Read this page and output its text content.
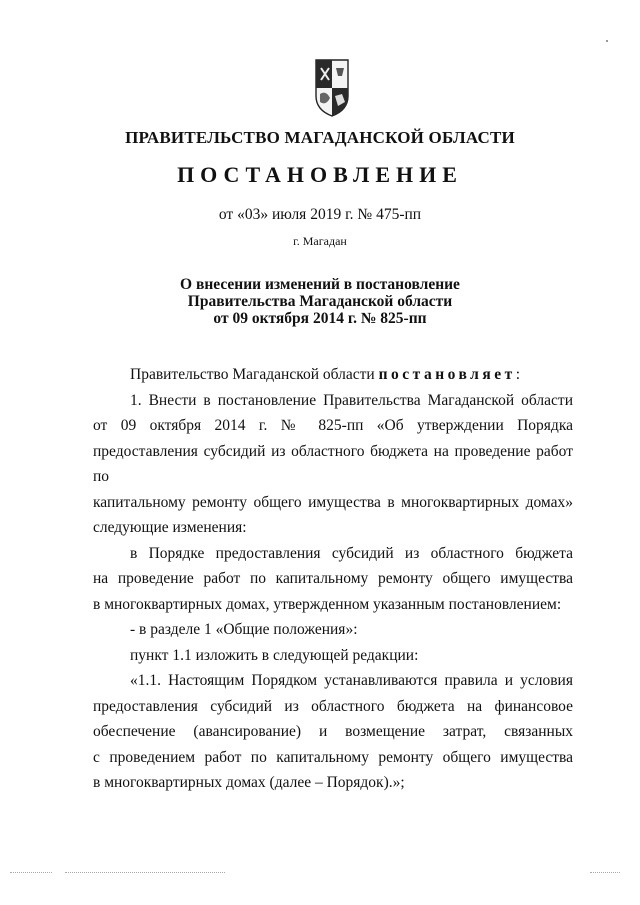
ПРАВИТЕЛЬСТВО МАГАДАНСКОЙ ОБЛАСТИ
ПОСТАНОВЛЕНИЕ
от «03» июля 2019 г. № 475-пп
г. Магадан
О внесении изменений в постановление
Правительства Магаданской области
от 09 октября 2014 г. № 825-пп
Правительство Магаданской области постановляет:
1. Внести в постановление Правительства Магаданской области
от 09 октября 2014 г. № 825-пп «Об утверждении Порядка
предоставления субсидий из областного бюджета на проведение работ по
капитальному ремонту общего имущества в многоквартирных домах»
следующие изменения:
в Порядке предоставления субсидий из областного бюджета
на проведение работ по капитальному ремонту общего имущества
в многоквартирных домах, утвержденном указанным постановлением:
- в разделе 1 «Общие положения»:
пункт 1.1 изложить в следующей редакции:
«1.1. Настоящим Порядком устанавливаются правила и условия
предоставления субсидий из областного бюджета на финансовое
обеспечение (авансирование) и возмещение затрат, связанных
с проведением работ по капитальному ремонту общего имущества
в многоквартирных домах (далее – Порядок).»;
